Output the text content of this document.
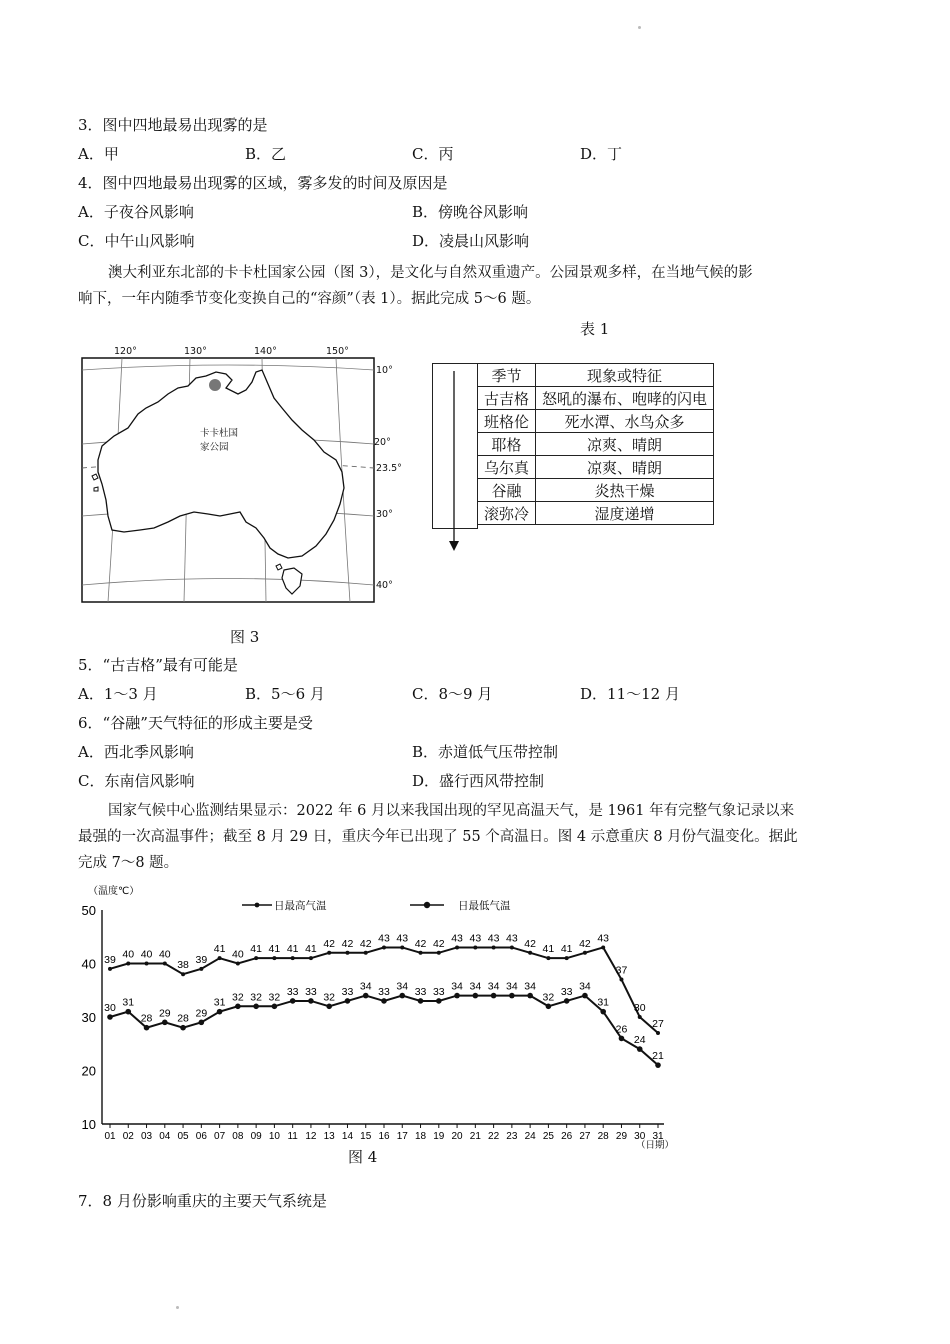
3．图中四地最易出现雾的是
A．甲	B．乙	C．丙	D．丁
4．图中四地最易出现雾的区域，雾多发的时间及原因是
A．子夜谷风影响	B．傍晚谷风影响
C．中午山风影响	D．凌晨山风影响
澳大利亚东北部的卡卡杜国家公园（图 3），是文化与自然双重遗产。公园景观多样，在当地气候的影
响下，一年内随季节变化变换自己的“容颜”（表 1）。据此完成 5～6 题。
表 1
卡卡杜国
家公园
120°	130°	140°	150°
10°
20°
23.5°
30°
40°
图 3
季节	现象或特征
古吉格	怒吼的瀑布、咆哮的闪电
班格伦	死水潭、水鸟众多
耶格	凉爽、晴朗
乌尔真	凉爽、晴朗
谷融	炎热干燥
滚弥冷	湿度递增
5．“古吉格”最有可能是
A．1～3 月	B．5～6 月	C．8～9 月	D．11～12 月
6．“谷融”天气特征的形成主要是受
A．西北季风影响	B．赤道低气压带控制
C．东南信风影响	D．盛行西风带控制
国家气候中心监测结果显示：2022 年 6 月以来我国出现的罕见高温天气，是 1961 年有完整气象记录以来
最强的一次高温事件；截至 8 月 29 日，重庆今年已出现了 55 个高温日。图 4 示意重庆 8 月份气温变化。据此
完成 7～8 题。
（温度℃）
日最高气温	日最低气温
10
20
30
40
50
01 02 03 04 05 06 07 08 09 10 11 12 13 14 15 16 17 18 19 20 21 22 23 24 25 26 27 28 29 30 31
39 40 40 40
38 39
41 40 41 41 41 41 42 42 42 43 43 42 42 43 43 43 43 42 41 41 42 43
37
30
27
30 31
28 29 28 29
31 32 32 32 33 33 32 33 34 33 34 33 33 34 34 34 34 34
32 33 34
31
26
24
21
（日期）
图 4
7．8 月份影响重庆的主要天气系统是
